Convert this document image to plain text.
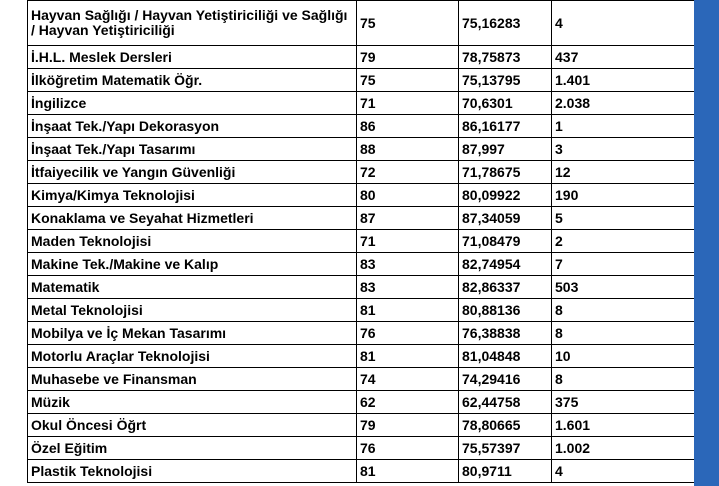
Hayvan Sağlığı / Hayvan Yetiştiriciliği ve Sağlığı / Hayvan Yetiştiriciliği	75	75,16283	4
İ.H.L. Meslek Dersleri	79	78,75873	437
İlköğretim Matematik Öğr.	75	75,13795	1.401
İngilizce	71	70,6301	2.038
İnşaat Tek./Yapı Dekorasyon	86	86,16177	1
İnşaat Tek./Yapı Tasarımı	88	87,997	3
İtfaiyecilik ve Yangın Güvenliği	72	71,78675	12
Kimya/Kimya Teknolojisi	80	80,09922	190
Konaklama ve Seyahat Hizmetleri	87	87,34059	5
Maden Teknolojisi	71	71,08479	2
Makine Tek./Makine ve Kalıp	83	82,74954	7
Matematik	83	82,86337	503
Metal Teknolojisi	81	80,88136	8
Mobilya ve İç Mekan Tasarımı	76	76,38838	8
Motorlu Araçlar Teknolojisi	81	81,04848	10
Muhasebe ve Finansman	74	74,29416	8
Müzik	62	62,44758	375
Okul Öncesi Öğrt	79	78,80665	1.601
Özel Eğitim	76	75,57397	1.002
Plastik Teknolojisi	81	80,9711	4
